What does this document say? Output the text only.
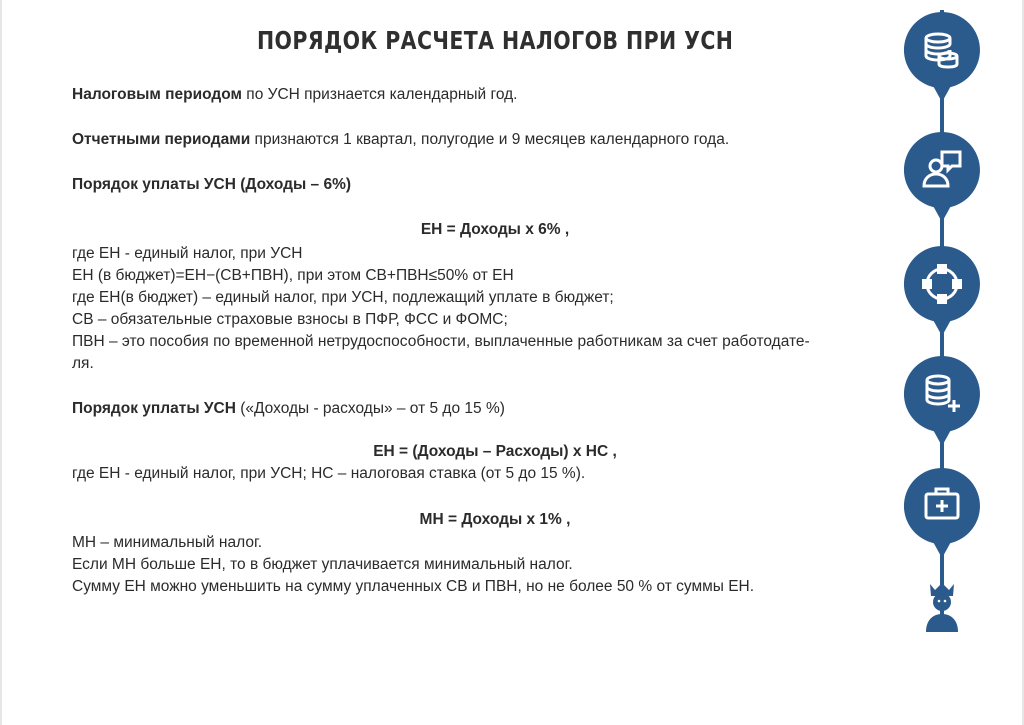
ПОРЯДОК РАСЧЕТА НАЛОГОВ ПРИ УСН
Налоговым периодом по УСН признается календарный год.
Отчетными периодами признаются 1 квартал, полугодие и 9 месяцев календарного года.
Порядок уплаты УСН (Доходы – 6%)
ЕН = Доходы х 6% ,
где ЕН - единый налог, при УСН
ЕН (в бюджет)=ЕН−(СВ+ПВН), при этом СВ+ПВН≤50% от ЕН
где ЕН(в бюджет) – единый налог, при УСН, подлежащий уплате в бюджет;
СВ – обязательные страховые взносы в ПФР, ФСС и ФОМС;
ПВН – это пособия по временной нетрудоспособности, выплаченные работникам за счет работодате-
ля.
Порядок уплаты УСН («Доходы - расходы» – от 5 до 15 %)
ЕН = (Доходы – Расходы) х НС ,
где ЕН - единый налог, при УСН; НС – налоговая ставка (от 5 до 15 %).
МН = Доходы х 1% ,
МН – минимальный налог.
Если МН больше ЕН, то в бюджет уплачивается минимальный налог.
Сумму ЕН можно уменьшить на сумму уплаченных СВ и ПВН, но не более 50 % от суммы ЕН.
